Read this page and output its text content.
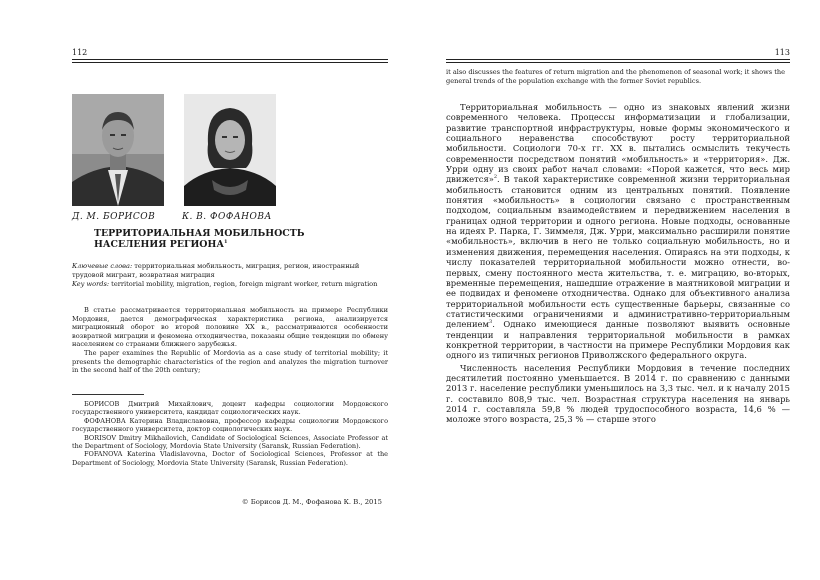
112
Д. М. БОРИСОВ	К. В. ФОФАНОВА
ТЕРРИТОРИАЛЬНАЯ МОБИЛЬНОСТЬ
НАСЕЛЕНИЯ РЕГИОНА$^1$
Ключевые слова: территориальная мобильность, миграция, регион, иностранный трудовой мигрант, возвратная миграция
Key words: territorial mobility, migration, region, foreign migrant worker, return migration

В статье рассматривается территориальная мобильность на примере Республики Мордовия, дается демографическая характеристика региона, анализируется миграционный оборот во второй половине XX в., рассматриваются особенности возвратной миграции и феномена отходничества, показаны общие тенденции по обмену населением со странами ближнего зарубежья.

The paper examines the Republic of Mordovia as a case study of territorial mobility; it presents the demographic characteristics of the region and analyzes the migration turnover in the second half of the 20th century;

БОРИСОВ Дмитрий Михайлович, доцент кафедры социологии Мордовского государственного университета, кандидат социологических наук.

ФОФАНОВА Катерина Владиславовна, профессор кафедры социологии Мордовского государственного университета, доктор социологических наук.

BORISOV Dmitry Mikhailovich, Candidate of Sociological Sciences, Associate Professor at the Department of Sociology, Mordovia State University (Saransk, Russian Federation).

FOFANOVA Katerina Vladislavovna, Doctor of Sociological Sciences, Professor at the Department of Sociology, Mordovia State University (Saransk, Russian Federation).

© Борисов Д. М., Фофанова К. В., 2015
113
it also discusses the features of return migration and the phenomenon of seasonal work; it shows the general trends of the population exchange with the former Soviet republics.

Территориальная мобильность — одно из знаковых явлений жизни современного человека. Процессы информатизации и глобализации, развитие транспортной инфраструктуры, новые формы экономического и социального неравенства способствуют росту территориальной мобильности. Социологи 70-х гг. XX в. пытались осмыслить текучесть современности посредством понятий «мобильность» и «территория». Дж. Урри одну из своих работ начал словами: «Порой кажется, что весь мир движется»$^2$. В такой характеристике современной жизни территориальная мобильность становится одним из центральных понятий. Появление понятия «мобильность» в социологии связано с пространственным подходом, социальным взаимодействием и передвижением населения в границах одной территории и одного региона. Новые подходы, основанные на идеях Р. Парка, Г. Зиммеля, Дж. Урри, максимально расширили понятие «мобильность», включив в него не только социальную мобильность, но и изменения движения, перемещения населения. Опираясь на эти подходы, к числу показателей территориальной мобильности можно отнести, во-первых, смену постоянного места жительства, т. е. миграцию, во-вторых, временные перемещения, нашедшие отражение в маятниковой миграции и ее подвидах и феномене отходничества. Однако для объективного анализа территориальной мобильности есть существенные барьеры, связанные со статистическими ограничениями и административно-территориальным делением$^3$. Однако имеющиеся данные позволяют выявить основные тенденции и направления территориальной мобильности в рамках конкретной территории, в частности на примере Республики Мордовия как одного из типичных регионов Приволжского федерального округа.

Численность населения Республики Мордовия в течение последних десятилетий постоянно уменьшается. В 2014 г. по сравнению с данными 2013 г. население республики уменьшилось на 3,3 тыс. чел. и к началу 2015 г. составило 808,9 тыс. чел. Возрастная структура населения на январь 2014 г. составляла 59,8 % людей трудоспособного возраста, 14,6 % — моложе этого возраста, 25,3 % — старше этого
